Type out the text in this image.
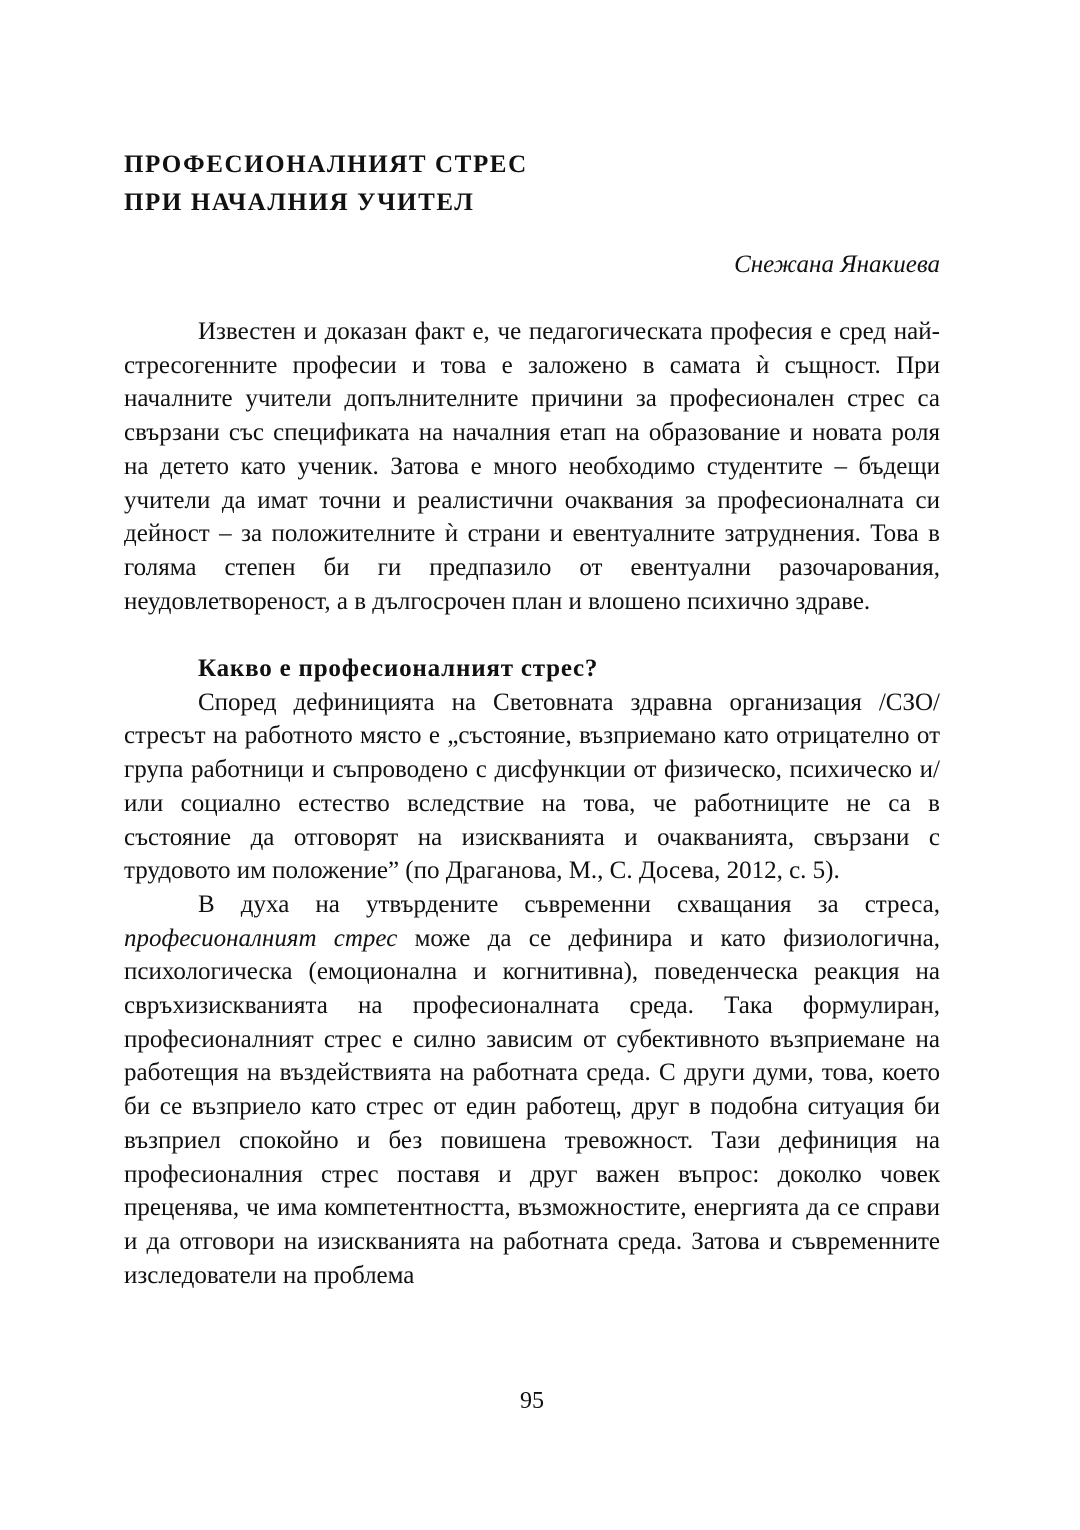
ПРОФЕСИОНАЛНИЯТ СТРЕС
ПРИ НАЧАЛНИЯ УЧИТЕЛ

Снежана Янакиева

Известен и доказан факт е, че педагогическата професия е сред най-стресогенните професии и това е заложено в самата ѝ същност. При началните учители допълнителните причини за професионален стрес са свързани със спецификата на началния етап на образование и новата роля на детето като ученик. Затова е много необходимо студентите – бъдещи учители да имат точни и реалистични очаквания за професионалната си дейност – за положителните ѝ страни и евентуалните затруднения. Това в голяма степен би ги предпазило от евентуални разочарования, неудовлетвореност, а в дългосрочен план и влошено психично здраве.

Какво е професионалният стрес?

Според дефиницията на Световната здравна организация /СЗО/ стресът на работното място е „състояние, възприемано като отрицателно от група работници и съпроводено с дисфункции от физическо, психическо и/или социално естество вследствие на това, че работниците не са в състояние да отговорят на изискванията и очакванията, свързани с трудовото им положение” (по Драганова, М., С. Досева, 2012, с. 5).

В духа на утвърдените съвременни схващания за стреса, професионалният стрес може да се дефинира и като физиологична, психологическа (емоционална и когнитивна), поведенческа реакция на свръхизискванията на професионалната среда. Така формулиран, професионалният стрес е силно зависим от субективното възприемане на работещия на въздействията на работната среда. С други думи, това, което би се възприело като стрес от един работещ, друг в подобна ситуация би възприел спокойно и без повишена тревожност. Тази дефиниция на професионалния стрес поставя и друг важен въпрос: доколко човек преценява, че има компетентността, възможностите, енергията да се справи и да отговори на изискванията на работната среда. Затова и съвременните изследователи на проблема

95
